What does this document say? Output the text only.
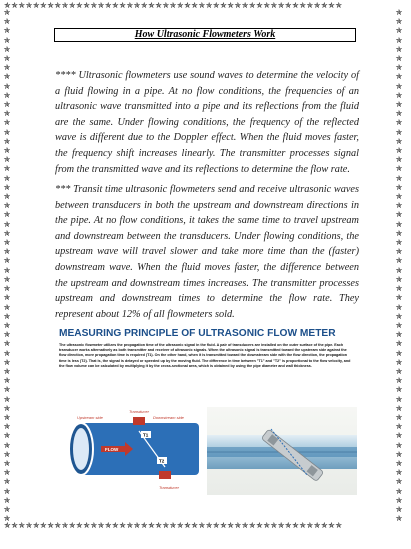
✯✯✯✯✯✯✯✯✯✯✯✯✯✯✯✯✯✯✯✯✯✯✯✯✯✯✯✯✯✯✯✯✯✯✯✯✯✯✯✯✯✯✯✯✯✯✯
✯
✯
✯
✯
✯
✯
✯
✯
✯
✯
✯
✯
✯
✯
✯
✯
✯
✯
✯
✯
✯
✯
✯
✯
✯
✯
✯
✯
✯
✯
✯
✯
✯
✯
✯
✯
✯
✯
✯
✯
✯
✯
✯
✯
✯
✯
✯
✯
✯
✯
✯
✯
✯
✯
✯
✯
✯
✯
✯
✯
✯
✯
✯
✯
✯
✯
✯
✯
✯
✯
✯
✯
✯
✯
✯
✯
✯
✯
✯
✯
✯
✯
✯
✯
✯
✯
✯
✯
✯
✯
✯
✯
✯
✯
✯
✯
✯
✯
✯
✯
✯
✯
✯
✯
✯
✯
✯
✯
✯
✯
✯
✯
✯✯✯✯✯✯✯✯✯✯✯✯✯✯✯✯✯✯✯✯✯✯✯✯✯✯✯✯✯✯✯✯✯✯✯✯✯✯✯✯✯✯✯✯✯✯✯
How Ultrasonic Flowmeters Work
**** Ultrasonic flowmeters use sound waves to determine the velocity of a fluid flowing in a pipe. At no flow conditions, the frequencies of an ultrasonic wave transmitted into a pipe and its reflections from the fluid are the same. Under flowing conditions, the frequency of the reflected wave is different due to the Doppler effect. When the fluid moves faster, the frequency shift increases linearly. The transmitter processes signal from the transmitted wave and its reflections to determine the flow rate.
*** Transit time ultrasonic flowmeters send and receive ultrasonic waves between transducers in both the upstream and downstream directions in the pipe. At no flow conditions, it takes the same time to travel upstream and downstream between the transducers. Under flowing conditions, the upstream wave will travel slower and take more time than the (faster) downstream wave. When the fluid moves faster, the difference between the upstream and downstream times increases. The transmitter processes upstream and downstream times to determine the flow rate. They represent about 12% of all flowmeters sold.
MEASURING PRINCIPLE OF ULTRASONIC FLOW METER
The ultrasonic flowmeter utilizes the propagation time of the ultrasonic signal in the fluid. A pair of transducers are installed on the outer surface of the pipe. Each transducer works alternatively as both transmitter and receiver of ultrasonic signals. When the ultrasonic signal is transmitted toward the upstream side against the flow direction, more propagation time is required (T1). On the other hand, when it is transmitted toward the downstream side with the flow direction, the propagation time is less (T2). That is, the signal is delayed or speeded up by the moving fluid. The difference in time between "T1" and "T2" is proportional to the flow velocity, and the flow volume can be calculated by multiplying it by the cross-sectional area, which is obtained by using the pipe diameter and wall thickness.
T1
T2
FLOW
Upstream side	Downstream side
Transducer
Transducer
